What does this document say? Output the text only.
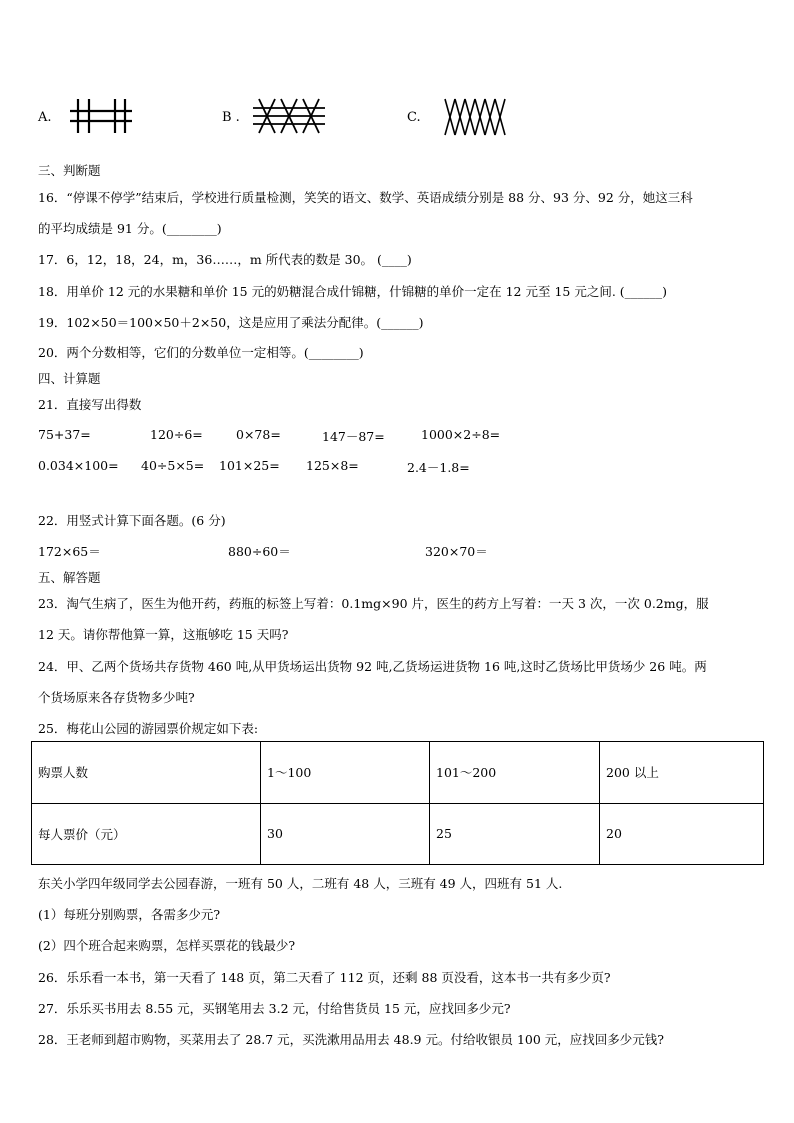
A.	B .	C.
三、判断题
16．“停课不停学”结束后，学校进行质量检测，笑笑的语文、数学、英语成绩分别是 88 分、93 分、92 分，她这三科
的平均成绩是 91 分。(________)
17．6，12，18，24，m，36……，m 所代表的数是 30。 (____)
18．用单价 12 元的水果糖和单价 15 元的奶糖混合成什锦糖，什锦糖的单价一定在 12 元至 15 元之间. (______)
19．102×50＝100×50＋2×50，这是应用了乘法分配律。(______)
20．两个分数相等，它们的分数单位一定相等。(________)
四、计算题
21．直接写出得数
75+37=	120÷6=	0×78=	147－87=	1000×2÷8=
0.034×100= 40÷5×5= 101×25= 125×8=	2.4－1.8=
22．用竖式计算下面各题。(6 分)
172×65＝	880÷60＝	320×70＝
五、解答题
23．淘气生病了，医生为他开药，药瓶的标签上写着：0.1mg×90 片，医生的药方上写着：一天 3 次，一次 0.2mg，服
12 天。请你帮他算一算，这瓶够吃 15 天吗?
24．甲、乙两个货场共存货物 460 吨,从甲货场运出货物 92 吨,乙货场运进货物 16 吨,这时乙货场比甲货场少 26 吨。两
个货场原来各存货物多少吨?
25．梅花山公园的游园票价规定如下表:
购票人数	1～100	101～200	200 以上
每人票价（元）	30	25	20
东关小学四年级同学去公园春游，一班有 50 人，二班有 48 人，三班有 49 人，四班有 51 人.
(1）每班分别购票，各需多少元?
(2）四个班合起来购票，怎样买票花的钱最少?
26．乐乐看一本书，第一天看了 148 页，第二天看了 112 页，还剩 88 页没看，这本书一共有多少页?
27．乐乐买书用去 8.55 元，买钢笔用去 3.2 元，付给售货员 15 元，应找回多少元?
28．王老师到超市购物，买菜用去了 28.7 元，买洗漱用品用去 48.9 元。付给收银员 100 元，应找回多少元钱?
